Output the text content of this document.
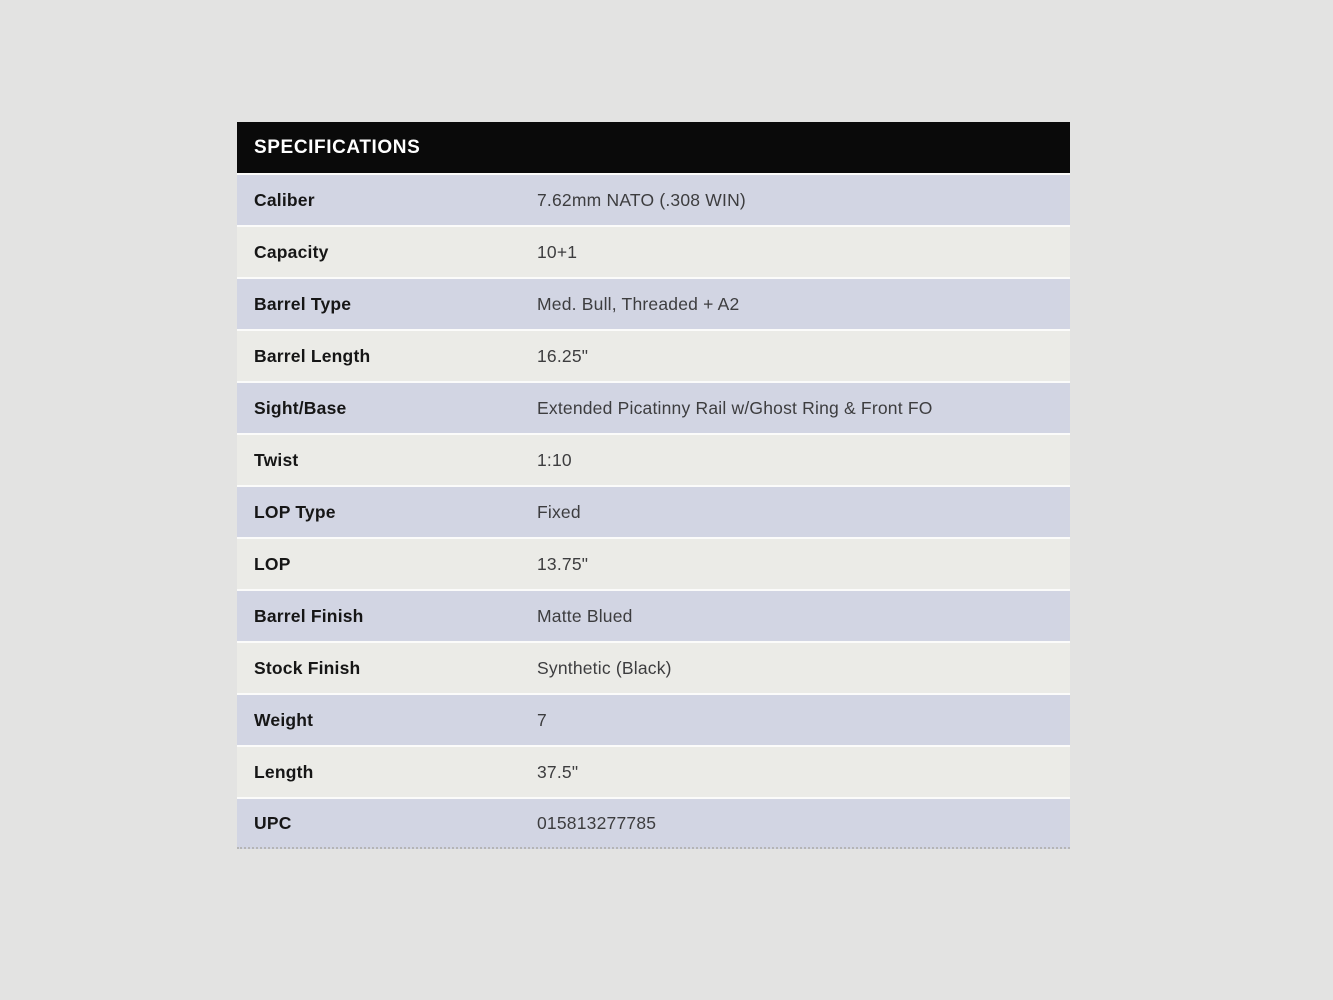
SPECIFICATIONS
Caliber	7.62mm NATO (.308 WIN)
Capacity	10+1
Barrel Type	Med. Bull, Threaded + A2
Barrel Length	16.25"
Sight/Base	Extended Picatinny Rail w/Ghost Ring & Front FO
Twist	1:10
LOP Type	Fixed
LOP	13.75"
Barrel Finish	Matte Blued
Stock Finish	Synthetic (Black)
Weight	7
Length	37.5"
UPC	015813277785
